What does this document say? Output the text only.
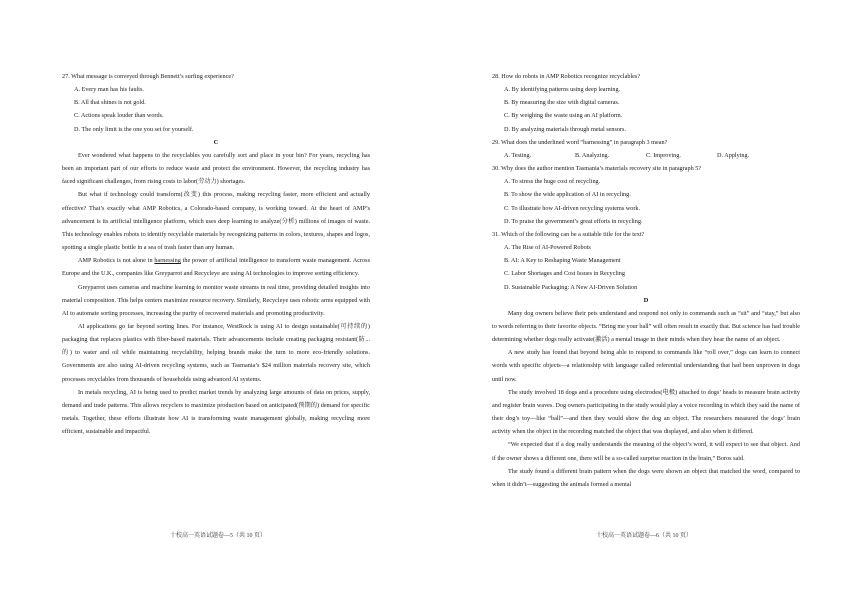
27. What message is conveyed through Bennett’s surfing experience?

A. Every man has his faults.

B. All that shines is not gold.

C. Actions speak louder than words.

D. The only limit is the one you set for yourself.

C

Ever wondered what happens to the recyclables you carefully sort and place in your bin? For years, recycling has been an important part of our efforts to reduce waste and protect the environment. However, the recycling industry has faced significant challenges, from rising costs to labor(劳动力) shortages.

But what if technology could transform(改变) this process, making recycling faster, more efficient and actually effective? That’s exactly what AMP Robotics, a Colorado-based company, is working toward. At the heart of AMP’s advancement is its artificial intelligence platform, which uses deep learning to analyze(分析) millions of images of waste. This technology enables robots to identify recyclable materials by recognizing patterns in colors, textures, shapes and logos, spotting a single plastic bottle in a sea of trash faster than any human.

AMP Robotics is not alone in harnessing the power of artificial intelligence to transform waste management. Across Europe and the U.K., companies like Greyparrot and Recycleye are using AI technologies to improve sorting efficiency.

Greyparrot uses cameras and machine learning to monitor waste streams in real time, providing detailed insights into material composition. This helps centers maximize resource recovery. Similarly, Recycleye uses robotic arms equipped with AI to automate sorting processes, increasing the purity of recovered materials and promoting productivity.

AI applications go far beyond sorting lines. For instance, WestRock is using AI to design sustainable(可持续的) packaging that replaces plastics with fiber-based materials. Their advancements include creating packaging resistant(防...的) to water and oil while maintaining recyclability, helping brands make the turn to more eco-friendly solutions. Governments are also using AI-driven recycling systems, such as Tasmania’s $24 million materials recovery site, which processes recyclables from thousands of households using advanced AI systems.

In metals recycling, AI is being used to predict market trends by analyzing large amounts of data on prices, supply, demand and trade patterns. This allows recyclers to maximize production based on anticipated(预期的) demand for specific metals. Together, these efforts illustrate how AI is transforming waste management globally, making recycling more efficient, sustainable and impactful.

28. How do robots in AMP Robotics recognize recyclables?

A. By identifying patterns using deep learning.

B. By measuring the size with digital cameras.

C. By weighing the waste using an AI platform.

D. By analyzing materials through metal sensors.

29. What does the underlined word “harnessing” in paragraph 3 mean?

A. Testing.	B. Analyzing.	C. Improving.	D. Applying.

30. Why does the author mention Tasmania’s materials recovery site in paragraph 5?

A. To stress the huge cost of recycling.

B. To show the wide application of AI in recycling.

C. To illustrate how AI-driven recycling systems work.

D. To praise the government’s great efforts in recycling.

31. Which of the following can be a suitable title for the text?

A. The Rise of AI-Powered Robots

B. AI: A Key to Reshaping Waste Management

C. Labor Shortages and Cost Issues in Recycling

D. Sustainable Packaging: A New AI-Driven Solution

D

Many dog owners believe their pets understand and respond not only to commands such as “sit” and “stay,” but also to words referring to their favorite objects. “Bring me your ball” will often result in exactly that. But science has had trouble determining whether dogs really activate(激活) a mental image in their minds when they hear the name of an object.

A new study has found that beyond being able to respond to commands like “roll over,” dogs can learn to connect words with specific objects—a relationship with language called referential understanding that had been unproven in dogs until now.

The study involved 18 dogs and a procedure using electrodes(电极) attached to dogs’ heads to measure brain activity and register brain waves. Dog owners participating in the study would play a voice recording in which they said the name of their dog’s toy—like “ball”—and then they would show the dog an object. The researchers measured the dogs’ brain activity when the object in the recording matched the object that was displayed, and also when it differed.

“We expected that if a dog really understands the meaning of the object’s word, it will expect to see that object. And if the owner shows a different one, there will be a so-called surprise reaction in the brain,” Boros said.

The study found a different brain pattern when the dogs were shown an object that matched the word, compared to when it didn’t—suggesting the animals formed a mental

十校高一英语试题卷—5（共 10 页）	十校高一英语试题卷—6（共 10 页）
